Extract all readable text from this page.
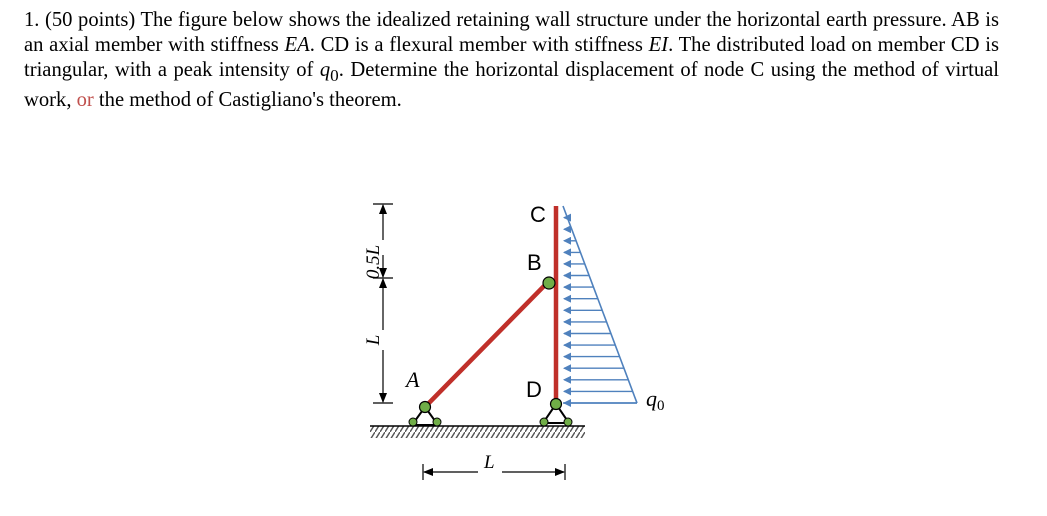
1. (50 points) The figure below shows the idealized retaining wall structure under the horizontal earth pressure. AB is an axial member with stiffness EA. CD is a flexural member with stiffness EI. The distributed load on member CD is triangular, with a peak intensity of $q_0$. Determine the horizontal displacement of node C using the method of virtual work, or the method of Castigliano's theorem.

C
B
D
A
q0
0.5L
L
L
